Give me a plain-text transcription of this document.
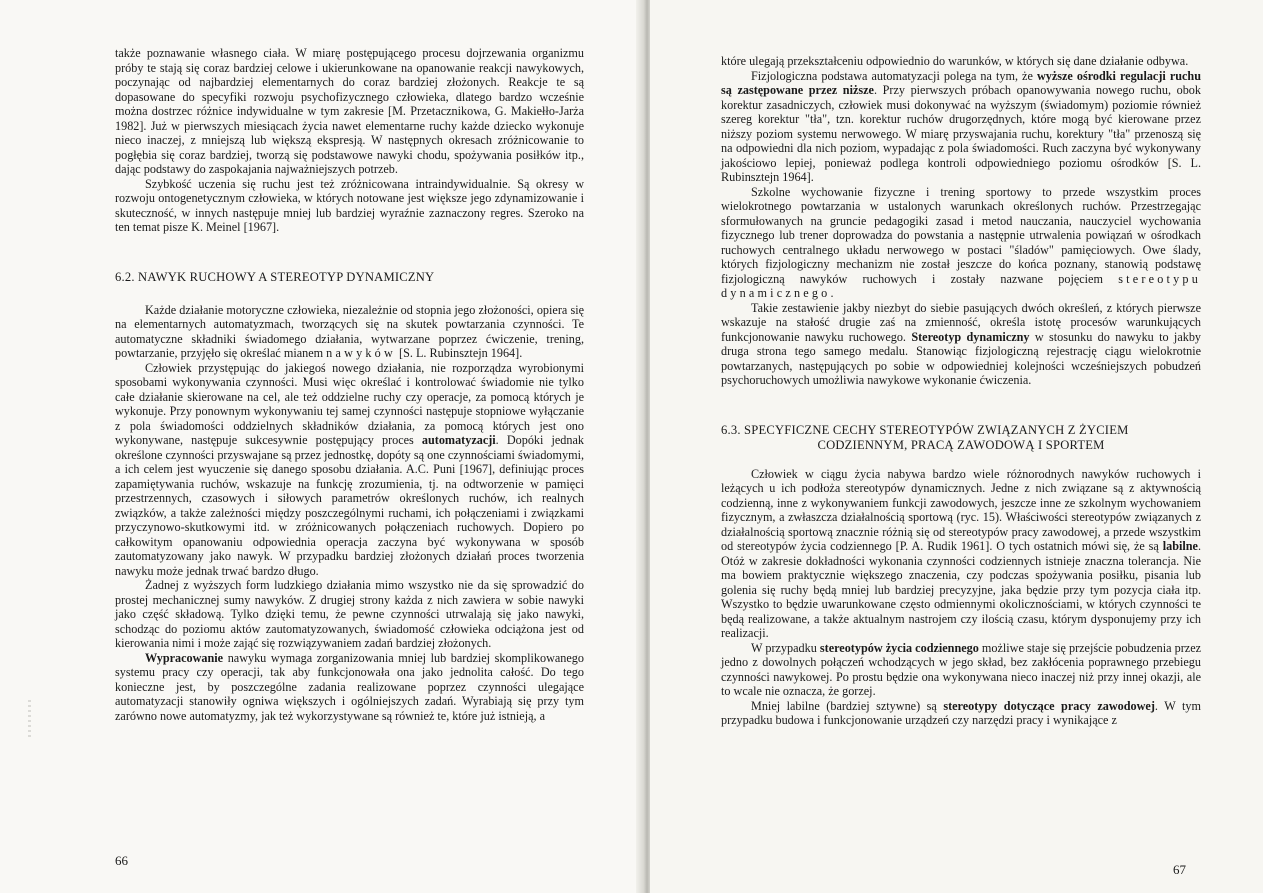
także poznawanie własnego ciała. W miarę postępującego procesu dojrzewania organizmu próby te stają się coraz bardziej celowe i ukierunkowane na opanowanie reakcji nawykowych, poczynając od najbardziej elementarnych do coraz bardziej złożonych. Reakcje te są dopasowane do specyfiki rozwoju psychofizycznego człowieka, dlatego bardzo wcześnie można dostrzec różnice indywidualne w tym zakresie [M. Przetacznikowa, G. Makiełło-Jarża 1982]. Już w pierwszych miesiącach życia nawet elementarne ruchy każde dziecko wykonuje nieco inaczej, z mniejszą lub większą ekspresją. W następnych okresach zróżnicowanie to pogłębia się coraz bardziej, tworzą się podstawowe nawyki chodu, spożywania posiłków itp., dając podstawy do zaspokajania najważniejszych potrzeb.

Szybkość uczenia się ruchu jest też zróżnicowana intraindywidualnie. Są okresy w rozwoju ontogenetycznym człowieka, w których notowane jest większe jego zdynamizowanie i skuteczność, w innych następuje mniej lub bardziej wyraźnie zaznaczony regres. Szeroko na ten temat pisze K. Meinel [1967].

6.2. NAWYK RUCHOWY A STEREOTYP DYNAMICZNY

Każde działanie motoryczne człowieka, niezależnie od stopnia jego złożoności, opiera się na elementarnych automatyzmach, tworzących się na skutek powtarzania czynności. Te automatyczne składniki świadomego działania, wytwarzane poprzez ćwiczenie, trening, powtarzanie, przyjęło się określać mianem nawyków [S. L. Rubinsztejn 1964].

Człowiek przystępując do jakiegoś nowego działania, nie rozporządza wyrobionymi sposobami wykonywania czynności. Musi więc określać i kontrolować świadomie nie tylko całe działanie skierowane na cel, ale też oddzielne ruchy czy operacje, za pomocą których je wykonuje. Przy ponownym wykonywaniu tej samej czynności następuje stopniowe wyłączanie z pola świadomości oddzielnych składników działania, za pomocą których jest ono wykonywane, następuje sukcesywnie postępujący proces automatyzacji. Dopóki jednak określone czynności przyswajane są przez jednostkę, dopóty są one czynnościami świadomymi, a ich celem jest wyuczenie się danego sposobu działania. A.C. Puni [1967], definiując proces zapamiętywania ruchów, wskazuje na funkcję zrozumienia, tj. na odtworzenie w pamięci przestrzennych, czasowych i siłowych parametrów określonych ruchów, ich realnych związków, a także zależności między poszczególnymi ruchami, ich połączeniami i związkami przyczynowo-skutkowymi itd. w zróżnicowanych połączeniach ruchowych. Dopiero po całkowitym opanowaniu odpowiednia operacja zaczyna być wykonywana w sposób zautomatyzowany jako nawyk. W przypadku bardziej złożonych działań proces tworzenia nawyku może jednak trwać bardzo długo.

Żadnej z wyższych form ludzkiego działania mimo wszystko nie da się sprowadzić do prostej mechanicznej sumy nawyków. Z drugiej strony każda z nich zawiera w sobie nawyki jako część składową. Tylko dzięki temu, że pewne czynności utrwalają się jako nawyki, schodząc do poziomu aktów zautomatyzowanych, świadomość człowieka odciążona jest od kierowania nimi i może zająć się rozwiązywaniem zadań bardziej złożonych.

Wypracowanie nawyku wymaga zorganizowania mniej lub bardziej skomplikowanego systemu pracy czy operacji, tak aby funkcjonowała ona jako jednolita całość. Do tego konieczne jest, by poszczególne zadania realizowane poprzez czynności ulegające automatyzacji stanowiły ogniwa większych i ogólniejszych zadań. Wyrabiają się przy tym zarówno nowe automatyzmy, jak też wykorzystywane są również te, które już istnieją, a

66

które ulegają przekształceniu odpowiednio do warunków, w których się dane działanie odbywa.

Fizjologiczna podstawa automatyzacji polega na tym, że wyższe ośrodki regulacji ruchu są zastępowane przez niższe. Przy pierwszych próbach opanowywania nowego ruchu, obok korektur zasadniczych, człowiek musi dokonywać na wyższym (świadomym) poziomie również szereg korektur "tła", tzn. korektur ruchów drugorzędnych, które mogą być kierowane przez niższy poziom systemu nerwowego. W miarę przyswajania ruchu, korektury "tła" przenoszą się na odpowiedni dla nich poziom, wypadając z pola świadomości. Ruch zaczyna być wykonywany jakościowo lepiej, ponieważ podlega kontroli odpowiedniego poziomu ośrodków [S. L. Rubinsztejn 1964].

Szkolne wychowanie fizyczne i trening sportowy to przede wszystkim proces wielokrotnego powtarzania w ustalonych warunkach określonych ruchów. Przestrzegając sformułowanych na gruncie pedagogiki zasad i metod nauczania, nauczyciel wychowania fizycznego lub trener doprowadza do powstania a następnie utrwalenia powiązań w ośrodkach ruchowych centralnego układu nerwowego w postaci "śladów" pamięciowych. Owe ślady, których fizjologiczny mechanizm nie został jeszcze do końca poznany, stanowią podstawę fizjologiczną nawyków ruchowych i zostały nazwane pojęciem stereotypu dynamicznego.

Takie zestawienie jakby niezbyt do siebie pasujących dwóch określeń, z których pierwsze wskazuje na stałość drugie zaś na zmienność, określa istotę procesów warunkujących funkcjonowanie nawyku ruchowego. Stereotyp dynamiczny w stosunku do nawyku to jakby druga strona tego samego medalu. Stanowiąc fizjologiczną rejestrację ciągu wielokrotnie powtarzanych, następujących po sobie w odpowiedniej kolejności wcześniejszych pobudzeń psychoruchowych umożliwia nawykowe wykonanie ćwiczenia.

6.3. SPECYFICZNE CECHY STEREOTYPÓW ZWIĄZANYCH Z ŻYCIEM
CODZIENNYM, PRACĄ ZAWODOWĄ I SPORTEM

Człowiek w ciągu życia nabywa bardzo wiele różnorodnych nawyków ruchowych i leżących u ich podłoża stereotypów dynamicznych. Jedne z nich związane są z aktywnością codzienną, inne z wykonywaniem funkcji zawodowych, jeszcze inne ze szkolnym wychowaniem fizycznym, a zwłaszcza działalnością sportową (ryc. 15). Właściwości stereotypów związanych z działalnością sportową znacznie różnią się od stereotypów pracy zawodowej, a przede wszystkim od stereotypów życia codziennego [P. A. Rudik 1961]. O tych ostatnich mówi się, że są labilne. Otóż w zakresie dokładności wykonania czynności codziennych istnieje znaczna tolerancja. Nie ma bowiem praktycznie większego znaczenia, czy podczas spożywania posiłku, pisania lub golenia się ruchy będą mniej lub bardziej precyzyjne, jaka będzie przy tym pozycja ciała itp. Wszystko to będzie uwarunkowane często odmiennymi okolicznościami, w których czynności te będą realizowane, a także aktualnym nastrojem czy ilością czasu, którym dysponujemy przy ich realizacji.

W przypadku stereotypów życia codziennego możliwe staje się przejście pobudzenia przez jedno z dowolnych połączeń wchodzących w jego skład, bez zakłócenia poprawnego przebiegu czynności nawykowej. Po prostu będzie ona wykonywana nieco inaczej niż przy innej okazji, ale to wcale nie oznacza, że gorzej.

Mniej labilne (bardziej sztywne) są stereotypy dotyczące pracy zawodowej. W tym przypadku budowa i funkcjonowanie urządzeń czy narzędzi pracy i wynikające z

67
